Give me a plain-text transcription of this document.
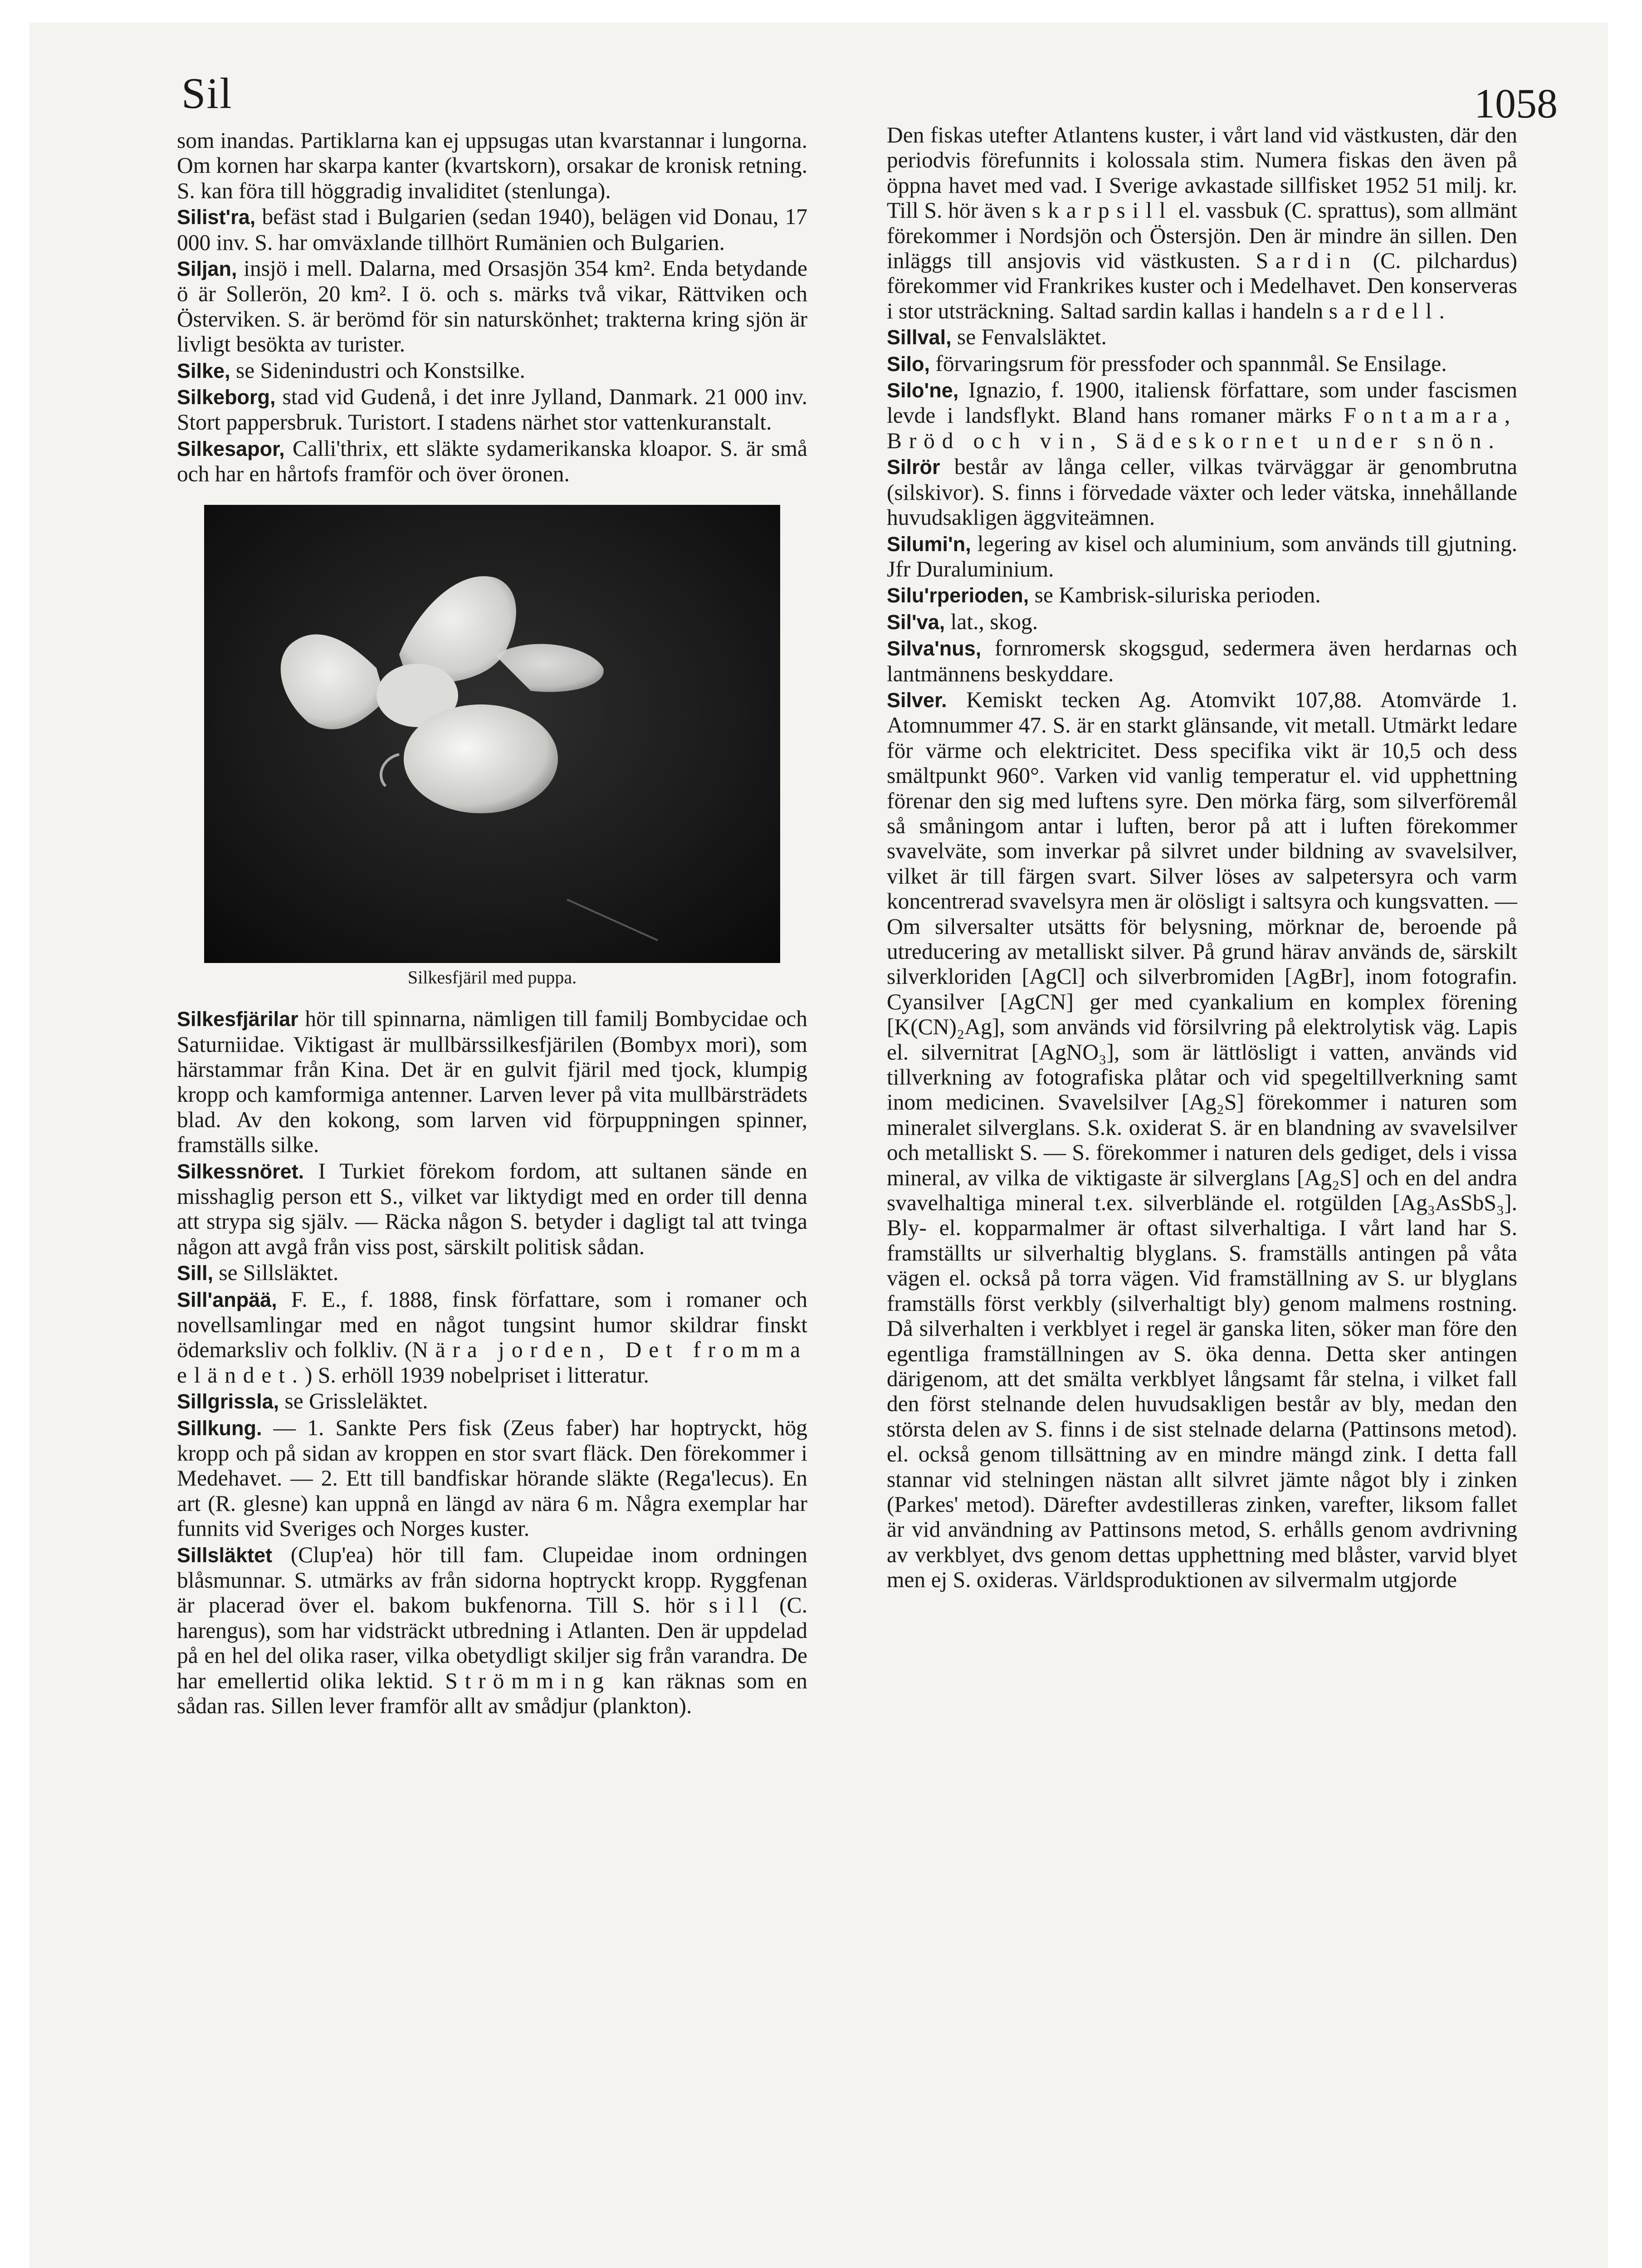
Sil	1058
som inandas. Partiklarna kan ej uppsugas utan kvarstannar i lungorna. Om kornen har skarpa kanter (kvartskorn), orsakar de kronisk retning. S. kan föra till höggradig invaliditet (stenlunga).
Silist'ra, befäst stad i Bulgarien (sedan 1940), belägen vid Donau, 17 000 inv. S. har omväxlande tillhört Rumänien och Bulgarien.
Siljan, insjö i mell. Dalarna, med Orsasjön 354 km². Enda betydande ö är Sollerön, 20 km². I ö. och s. märks två vikar, Rättviken och Österviken. S. är berömd för sin naturskönhet; trakterna kring sjön är livligt besökta av turister.
Silke, se Sidenindustri och Konstsilke.
Silkeborg, stad vid Gudenå, i det inre Jylland, Danmark. 21 000 inv. Stort pappersbruk. Turistort. I stadens närhet stor vattenkuranstalt.
Silkesapor, Calli'thrix, ett släkte sydamerikanska kloapor. S. är små och har en hårtofs framför och över öronen.
Silkesfjäril med puppa.
Silkesfjärilar hör till spinnarna, nämligen till familj Bombycidae och Saturniidae. Viktigast är mullbärssilkesfjärilen (Bombyx mori), som härstammar från Kina. Det är en gulvit fjäril med tjock, klumpig kropp och kamformiga antenner. Larven lever på vita mullbärsträdets blad. Av den kokong, som larven vid förpuppningen spinner, framställs silke.
Silkessnöret. I Turkiet förekom fordom, att sultanen sände en misshaglig person ett S., vilket var liktydigt med en order till denna att strypa sig själv. — Räcka någon S. betyder i dagligt tal att tvinga någon att avgå från viss post, särskilt politisk sådan.
Sill, se Sillsläktet.
Sill'anpää, F. E., f. 1888, finsk författare, som i romaner och novellsamlingar med en något tungsint humor skildrar finskt ödemarksliv och folkliv. (Nära jorden, Det fromma eländet.) S. erhöll 1939 nobelpriset i litteratur.
Sillgrissla, se Grissleläktet.
Sillkung. — 1. Sankte Pers fisk (Zeus faber) har hoptryckt, hög kropp och på sidan av kroppen en stor svart fläck. Den förekommer i Medehavet. — 2. Ett till bandfiskar hörande släkte (Rega'lecus). En art (R. glesne) kan uppnå en längd av nära 6 m. Några exemplar har funnits vid Sveriges och Norges kuster.
Sillsläktet (Clup'ea) hör till fam. Clupeidae inom ordningen blåsmunnar. S. utmärks av från sidorna hoptryckt kropp. Ryggfenan är placerad över el. bakom bukfenorna. Till S. hör sill (C. harengus), som har vidsträckt utbredning i Atlanten. Den är uppdelad på en hel del olika raser, vilka obetydligt skiljer sig från varandra. De har emellertid olika lektid. Strömming kan räknas som en sådan ras. Sillen lever framför allt av smådjur (plankton).
Den fiskas utefter Atlantens kuster, i vårt land vid västkusten, där den periodvis förefunnits i kolossala stim. Numera fiskas den även på öppna havet med vad. I Sverige avkastade sillfisket 1952 51 milj. kr. Till S. hör även skarpsill el. vassbuk (C. sprattus), som allmänt förekommer i Nordsjön och Östersjön. Den är mindre än sillen. Den inläggs till ansjovis vid västkusten. Sardin (C. pilchardus) förekommer vid Frankrikes kuster och i Medelhavet. Den konserveras i stor utsträckning. Saltad sardin kallas i handeln sardell.
Sillval, se Fenvalsläktet.
Silo, förvaringsrum för pressfoder och spannmål. Se Ensilage.
Silo'ne, Ignazio, f. 1900, italiensk författare, som under fascismen levde i landsflykt. Bland hans romaner märks Fontamara, Bröd och vin, Sädeskornet under snön.
Silrör består av långa celler, vilkas tvärväggar är genombrutna (silskivor). S. finns i förvedade växter och leder vätska, innehållande huvudsakligen äggviteämnen.
Silumi'n, legering av kisel och aluminium, som används till gjutning. Jfr Duraluminium.
Silu'rperioden, se Kambrisk-siluriska perioden.
Sil'va, lat., skog.
Silva'nus, fornromersk skogsgud, sedermera även herdarnas och lantmännens beskyddare.
Silver. Kemiskt tecken Ag. Atomvikt 107,88. Atomvärde 1. Atomnummer 47. S. är en starkt glänsande, vit metall. Utmärkt ledare för värme och elektricitet. Dess specifika vikt är 10,5 och dess smältpunkt 960°. Varken vid vanlig temperatur el. vid upphettning förenar den sig med luftens syre. Den mörka färg, som silverföremål så småningom antar i luften, beror på att i luften förekommer svavelväte, som inverkar på silvret under bildning av svavelsilver, vilket är till färgen svart. Silver löses av salpetersyra och varm koncentrerad svavelsyra men är olösligt i saltsyra och kungsvatten. — Om silversalter utsätts för belysning, mörknar de, beroende på utreducering av metalliskt silver. På grund härav används de, särskilt silverkloriden [AgCl] och silverbromiden [AgBr], inom fotografin. Cyansilver [AgCN] ger med cyankalium en komplex förening [K(CN)₂Ag], som används vid försilvring på elektrolytisk väg. Lapis el. silvernitrat [AgNO₃], som är lättlösligt i vatten, används vid tillverkning av fotografiska plåtar och vid spegeltillverkning samt inom medicinen. Svavelsilver [Ag₂S] förekommer i naturen som mineralet silverglans. S.k. oxiderat S. är en blandning av svavelsilver och metalliskt S. — S. förekommer i naturen dels gediget, dels i vissa mineral, av vilka de viktigaste är silverglans [Ag₂S] och en del andra svavelhaltiga mineral t.ex. silverblände el. rotgülden [Ag₃AsSbS₃]. Bly- el. kopparmalmer är oftast silverhaltiga. I vårt land har S. framställts ur silverhaltig blyglans. S. framställs antingen på våta vägen el. också på torra vägen. Vid framställning av S. ur blyglans framställs först verkbly (silverhaltigt bly) genom malmens rostning. Då silverhalten i verkblyet i regel är ganska liten, söker man före den egentliga framställningen av S. öka denna. Detta sker antingen därigenom, att det smälta verkblyet långsamt får stelna, i vilket fall den först stelnande delen huvudsakligen består av bly, medan den största delen av S. finns i de sist stelnade delarna (Pattinsons metod). el. också genom tillsättning av en mindre mängd zink. I detta fall stannar vid stelningen nästan allt silvret jämte något bly i zinken (Parkes' metod). Därefter avdestilleras zinken, varefter, liksom fallet är vid användning av Pattinsons metod, S. erhålls genom avdrivning av verkblyet, dvs genom dettas upphettning med blåster, varvid blyet men ej S. oxideras. Världsproduktionen av silvermalm utgjorde
